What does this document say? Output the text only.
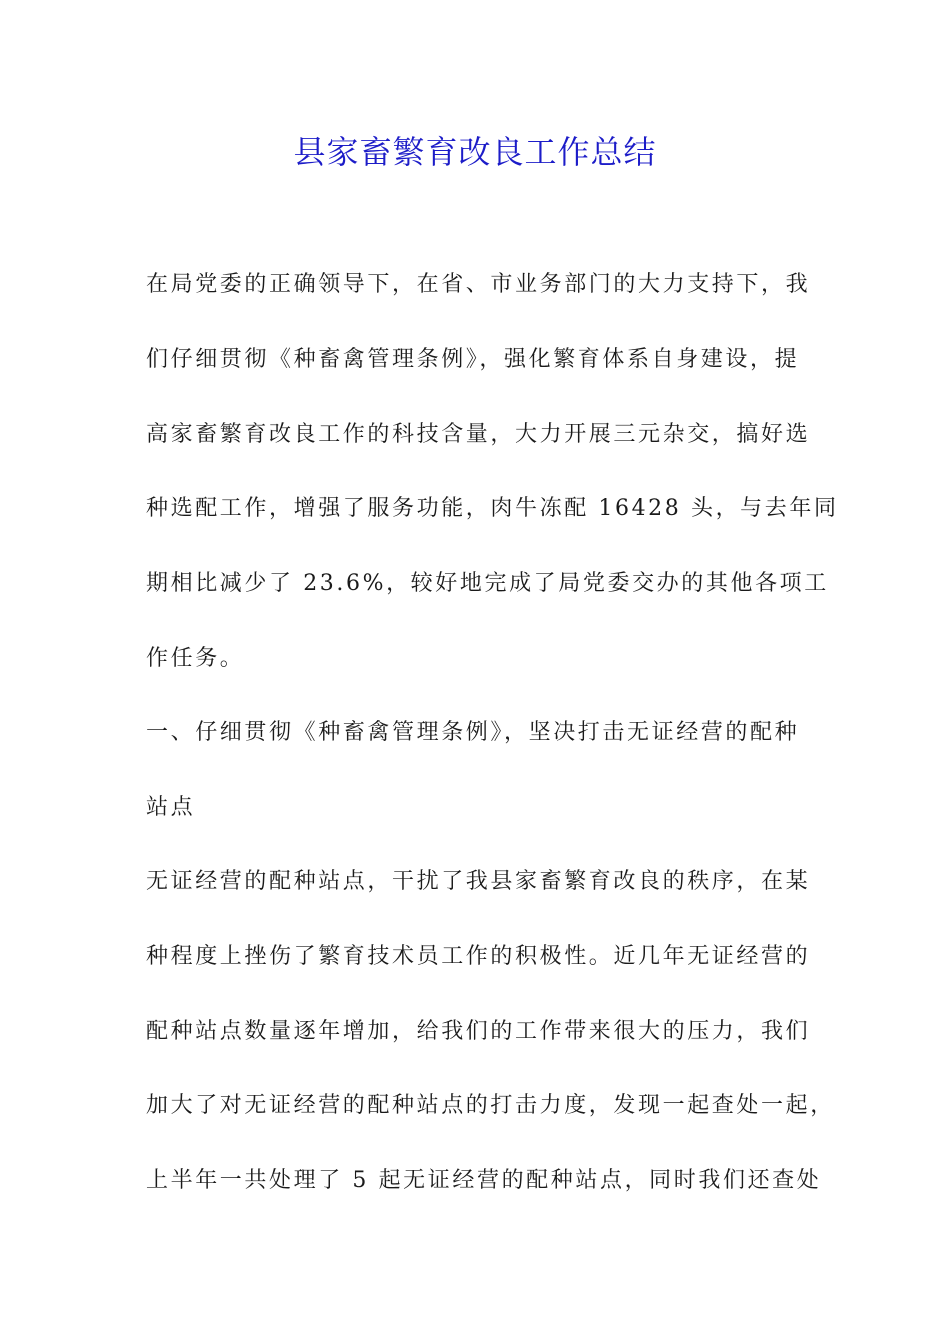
县家畜繁育改良工作总结
在局党委的正确领导下，在省、市业务部门的大力支持下，我
们仔细贯彻《种畜禽管理条例》，强化繁育体系自身建设，提
高家畜繁育改良工作的科技含量，大力开展三元杂交，搞好选
种选配工作，增强了服务功能，肉牛冻配 16428 头，与去年同
期相比减少了 23.6%，较好地完成了局党委交办的其他各项工
作任务。
一、仔细贯彻《种畜禽管理条例》，坚决打击无证经营的配种
站点
无证经营的配种站点，干扰了我县家畜繁育改良的秩序，在某
种程度上挫伤了繁育技术员工作的积极性。近几年无证经营的
配种站点数量逐年增加，给我们的工作带来很大的压力，我们
加大了对无证经营的配种站点的打击力度，发现一起查处一起，
上半年一共处理了 5 起无证经营的配种站点，同时我们还查处
